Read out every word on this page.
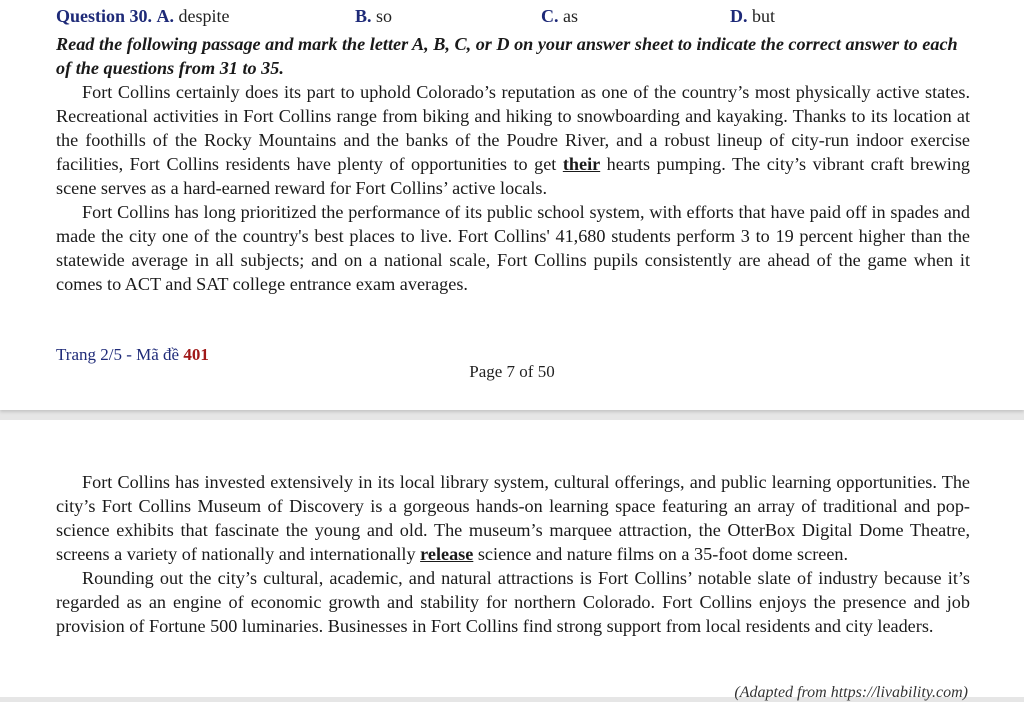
Question 30. A. despite	B. so	C. as	D. but

Read the following passage and mark the letter A, B, C, or D on your answer sheet to indicate the correct answer to each of the questions from 31 to 35.

Fort Collins certainly does its part to uphold Colorado’s reputation as one of the country’s most physically active states. Recreational activities in Fort Collins range from biking and hiking to snowboarding and kayaking. Thanks to its location at the foothills of the Rocky Mountains and the banks of the Poudre River, and a robust lineup of city-run indoor exercise facilities, Fort Collins residents have plenty of opportunities to get their hearts pumping. The city’s vibrant craft brewing scene serves as a hard-earned reward for Fort Collins’ active locals.

Fort Collins has long prioritized the performance of its public school system, with efforts that have paid off in spades and made the city one of the country's best places to live. Fort Collins' 41,680 students perform 3 to 19 percent higher than the statewide average in all subjects; and on a national scale, Fort Collins pupils consistently are ahead of the game when it comes to ACT and SAT college entrance exam averages.

Trang 2/5 - Mã đề 401
Page 7 of 50

Fort Collins has invested extensively in its local library system, cultural offerings, and public learning opportunities. The city’s Fort Collins Museum of Discovery is a gorgeous hands-on learning space featuring an array of traditional and pop-science exhibits that fascinate the young and old. The museum’s marquee attraction, the OtterBox Digital Dome Theatre, screens a variety of nationally and internationally release science and nature films on a 35-foot dome screen.

Rounding out the city’s cultural, academic, and natural attractions is Fort Collins’ notable slate of industry because it’s regarded as an engine of economic growth and stability for northern Colorado. Fort Collins enjoys the presence and job provision of Fortune 500 luminaries. Businesses in Fort Collins find strong support from local residents and city leaders.

(Adapted from https://livability.com)
